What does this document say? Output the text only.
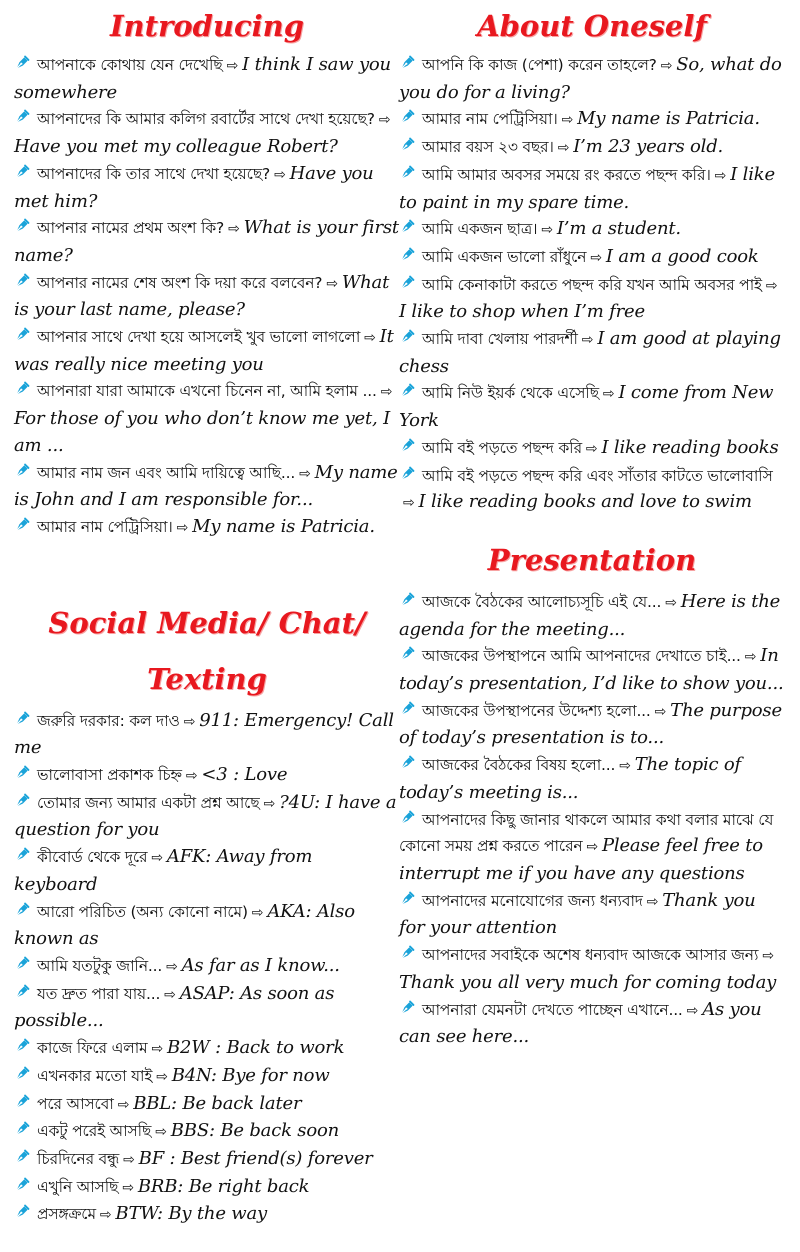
Introducing
আপনাকে কোথায় যেন দেখেছি ⇨ I think I saw you somewhere
আপনাদের কি আমার কলিগ রবার্টের সাথে দেখা হয়েছে? ⇨Have you met my colleague Robert?
আপনাদের কি তার সাথে দেখা হয়েছে? ⇨ Have you met him?
আপনার নামের প্রথম অংশ কি? ⇨ What is your first name?
আপনার নামের শেষ অংশ কি দয়া করে বলবেন? ⇨ What is your last name, please?
আপনার সাথে দেখা হয়ে আসলেই খুব ভালো লাগলো ⇨ It was really nice meeting you
আপনারা যারা আমাকে এখনো চিনেন না, আমি হলাম ... ⇨For those of you who don’t know me yet, I am ...
আমার নাম জন এবং আমি দায়িত্বে আছি... ⇨ My name is John and I am responsible for...
আমার নাম পেট্রিসিয়া। ⇨ My name is Patricia.
Social Media/ Chat/
Texting
জরুরি দরকার: কল দাও ⇨ 911: Emergency! Call me
ভালোবাসা প্রকাশক চিহ্ন ⇨ <3 : Love
তোমার জন্য আমার একটা প্রশ্ন আছে ⇨ ?4U: I have a question for you
কীবোর্ড থেকে দূরে ⇨ AFK: Away from keyboard
আরো পরিচিত (অন্য কোনো নামে) ⇨ AKA: Also known as
আমি যতটুকু জানি... ⇨ As far as I know...
যত দ্রুত পারা যায়... ⇨ ASAP: As soon as possible...
কাজে ফিরে এলাম ⇨ B2W : Back to work
এখনকার মতো যাই ⇨ B4N: Bye for now
পরে আসবো ⇨ BBL: Be back later
একটু পরেই আসছি ⇨ BBS: Be back soon
চিরদিনের বন্ধু ⇨ BF : Best friend(s) forever
এখুনি আসছি ⇨ BRB: Be right back
প্রসঙ্গক্রমে ⇨ BTW: By the way
About Oneself
আপনি কি কাজ (পেশা) করেন তাহলে? ⇨ So, what do you do for a living?
আমার নাম পেট্রিসিয়া। ⇨ My name is Patricia.
আমার বয়স ২৩ বছর। ⇨ I’m 23 years old.
আমি আমার অবসর সময়ে রং করতে পছন্দ করি। ⇨ I like to paint in my spare time.
আমি একজন ছাত্র। ⇨ I’m a student.
আমি একজন ভালো রাঁধুনে ⇨ I am a good cook
আমি কেনাকাটা করতে পছন্দ করি যখন আমি অবসর পাই ⇨I like to shop when I’m free
আমি দাবা খেলায় পারদর্শী ⇨ I am good at playing chess
আমি নিউ ইয়র্ক থেকে এসেছি ⇨ I come from New York
আমি বই পড়তে পছন্দ করি ⇨ I like reading books
আমি বই পড়তে পছন্দ করি এবং সাঁতার কাটতে ভালোবাসি⇨ I like reading books and love to swim
Presentation
আজকে বৈঠকের আলোচ্যসূচি এই যে... ⇨ Here is the agenda for the meeting...
আজকের উপস্থাপনে আমি আপনাদের দেখাতে চাই... ⇨ In today’s presentation, I’d like to show you...
আজকের উপস্থাপনের উদ্দেশ্য হলো... ⇨ The purpose of today’s presentation is to...
আজকের বৈঠকের বিষয় হলো... ⇨ The topic of today’s meeting is...
আপনাদের কিছু জানার থাকলে আমার কথা বলার মাঝে যে কোনো সময় প্রশ্ন করতে পারেন ⇨ Please feel free to interrupt me if you have any questions
আপনাদের মনোযোগের জন্য ধন্যবাদ ⇨ Thank you for your attention
আপনাদের সবাইকে অশেষ ধন্যবাদ আজকে আসার জন্য ⇨Thank you all very much for coming today
আপনারা যেমনটা দেখতে পাচ্ছেন এখানে... ⇨ As you can see here...
